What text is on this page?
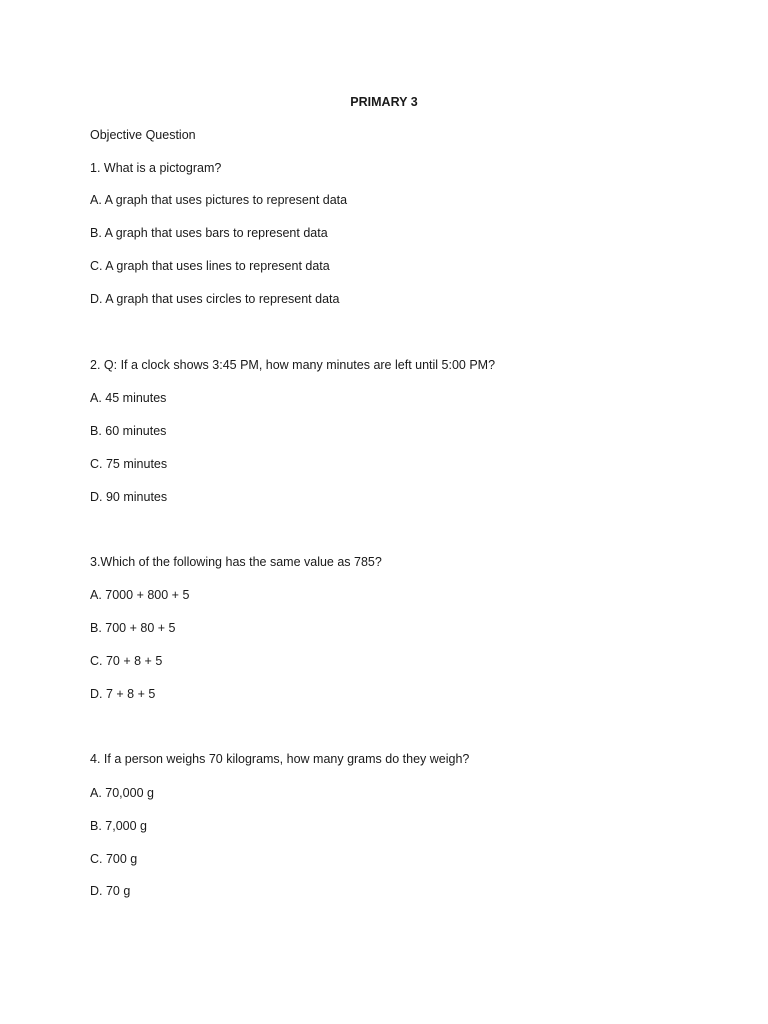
PRIMARY 3
Objective Question
1. What is a pictogram?
A. A graph that uses pictures to represent data
B. A graph that uses bars to represent data
C. A graph that uses lines to represent data
D. A graph that uses circles to represent data
2. Q: If a clock shows 3:45 PM, how many minutes are left until 5:00 PM?
A. 45 minutes
B. 60 minutes
C. 75 minutes
D. 90 minutes
3.Which of the following has the same value as 785?
A. 7000 + 800 + 5
B. 700 + 80 + 5
C. 70 + 8 + 5
D. 7 + 8 + 5
4. If a person weighs 70 kilograms, how many grams do they weigh?
A. 70,000 g
B. 7,000 g
C. 700 g
D. 70 g
